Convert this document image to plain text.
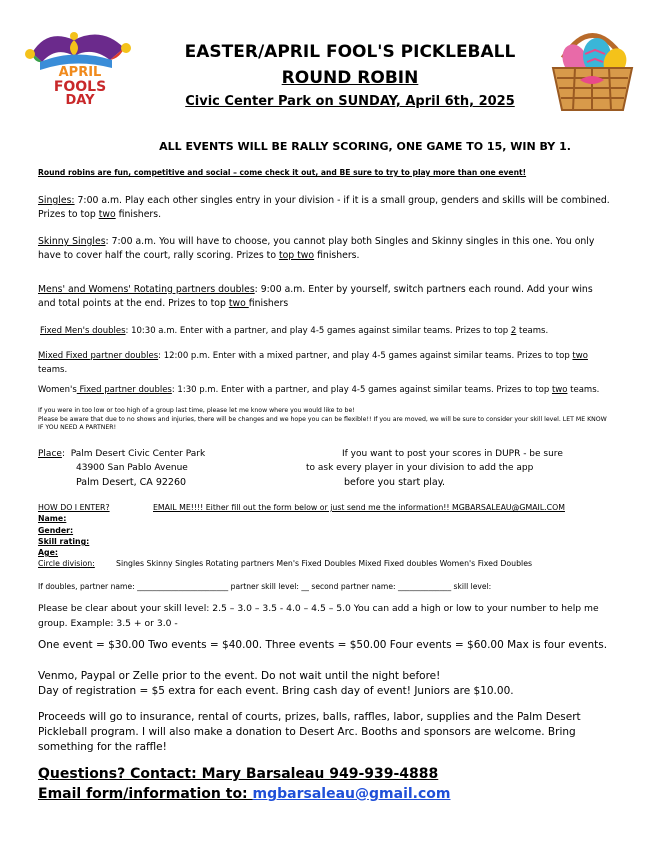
APRIL
FOOLS
DAY
EASTER/APRIL FOOL'S PICKLEBALL
ROUND ROBIN
Civic Center Park on SUNDAY, April 6th, 2025
ALL EVENTS WILL BE RALLY SCORING, ONE GAME TO 15, WIN BY 1.

Round robins are fun, competitive and social – come check it out, and BE sure to try to play more than one event!

Singles: 7:00 a.m. Play each other singles entry in your division - if it is a small group, genders and skills will be combined. Prizes to top two finishers.

Skinny Singles: 7:00 a.m. You will have to choose, you cannot play both Singles and Skinny singles in this one. You only have to cover half the court, rally scoring. Prizes to top two finishers.

Mens' and Womens' Rotating partners doubles: 9:00 a.m. Enter by yourself, switch partners each round. Add your wins and total points at the end. Prizes to top two finishers

Fixed Men's doubles: 10:30 a.m. Enter with a partner, and play 4-5 games against similar teams. Prizes to top 2 teams.

Mixed Fixed partner doubles: 12:00 p.m. Enter with a mixed partner, and play 4-5 games against similar teams. Prizes to top two teams.

Women's Fixed partner doubles: 1:30 p.m. Enter with a partner, and play 4-5 games against similar teams. Prizes to top two teams.

If you were in too low or too high of a group last time, please let me know where you would like to be!

Please be aware that due to no shows and injuries, there will be changes and we hope you can be flexible!! If you are moved, we will be sure to consider your skill level. LET ME KNOW IF YOU NEED A PARTNER!

Place:  Palm Desert Civic Center Park
43900 San Pablo Avenue
Palm Desert, CA 92260
If you want to post your scores in DUPR - be sure
to ask every player in your division to add the app
before you start play.
HOW DO I ENTER?	EMAIL ME!!!! Either fill out the form below or just send me the information!! MGBARSALEAU@GMAIL.COM
Name:
Gender:
Skill rating:
Age:
Circle division:	Singles Skinny Singles Rotating partners Men's Fixed Doubles Mixed Fixed doubles Women's Fixed Doubles
If doubles, partner name: ________________________ partner skill level: __ second partner name: ______________ skill level:

Please be clear about your skill level: 2.5 – 3.0 – 3.5 - 4.0 – 4.5 – 5.0 You can add a high or low to your number to help me group. Example: 3.5 + or 3.0 -

One event = $30.00 Two events = $40.00. Three events = $50.00 Four events = $60.00 Max is four events.

Venmo, Paypal or Zelle prior to the event. Do not wait until the night before!

Day of registration = $5 extra for each event. Bring cash day of event! Juniors are $10.00.

Proceeds will go to insurance, rental of courts, prizes, balls, raffles, labor, supplies and the Palm Desert Pickleball program. I will also make a donation to Desert Arc. Booths and sponsors are welcome. Bring something for the raffle!

Questions? Contact: Mary Barsaleau 949-939-4888
Email form/information to: mgbarsaleau@gmail.com
